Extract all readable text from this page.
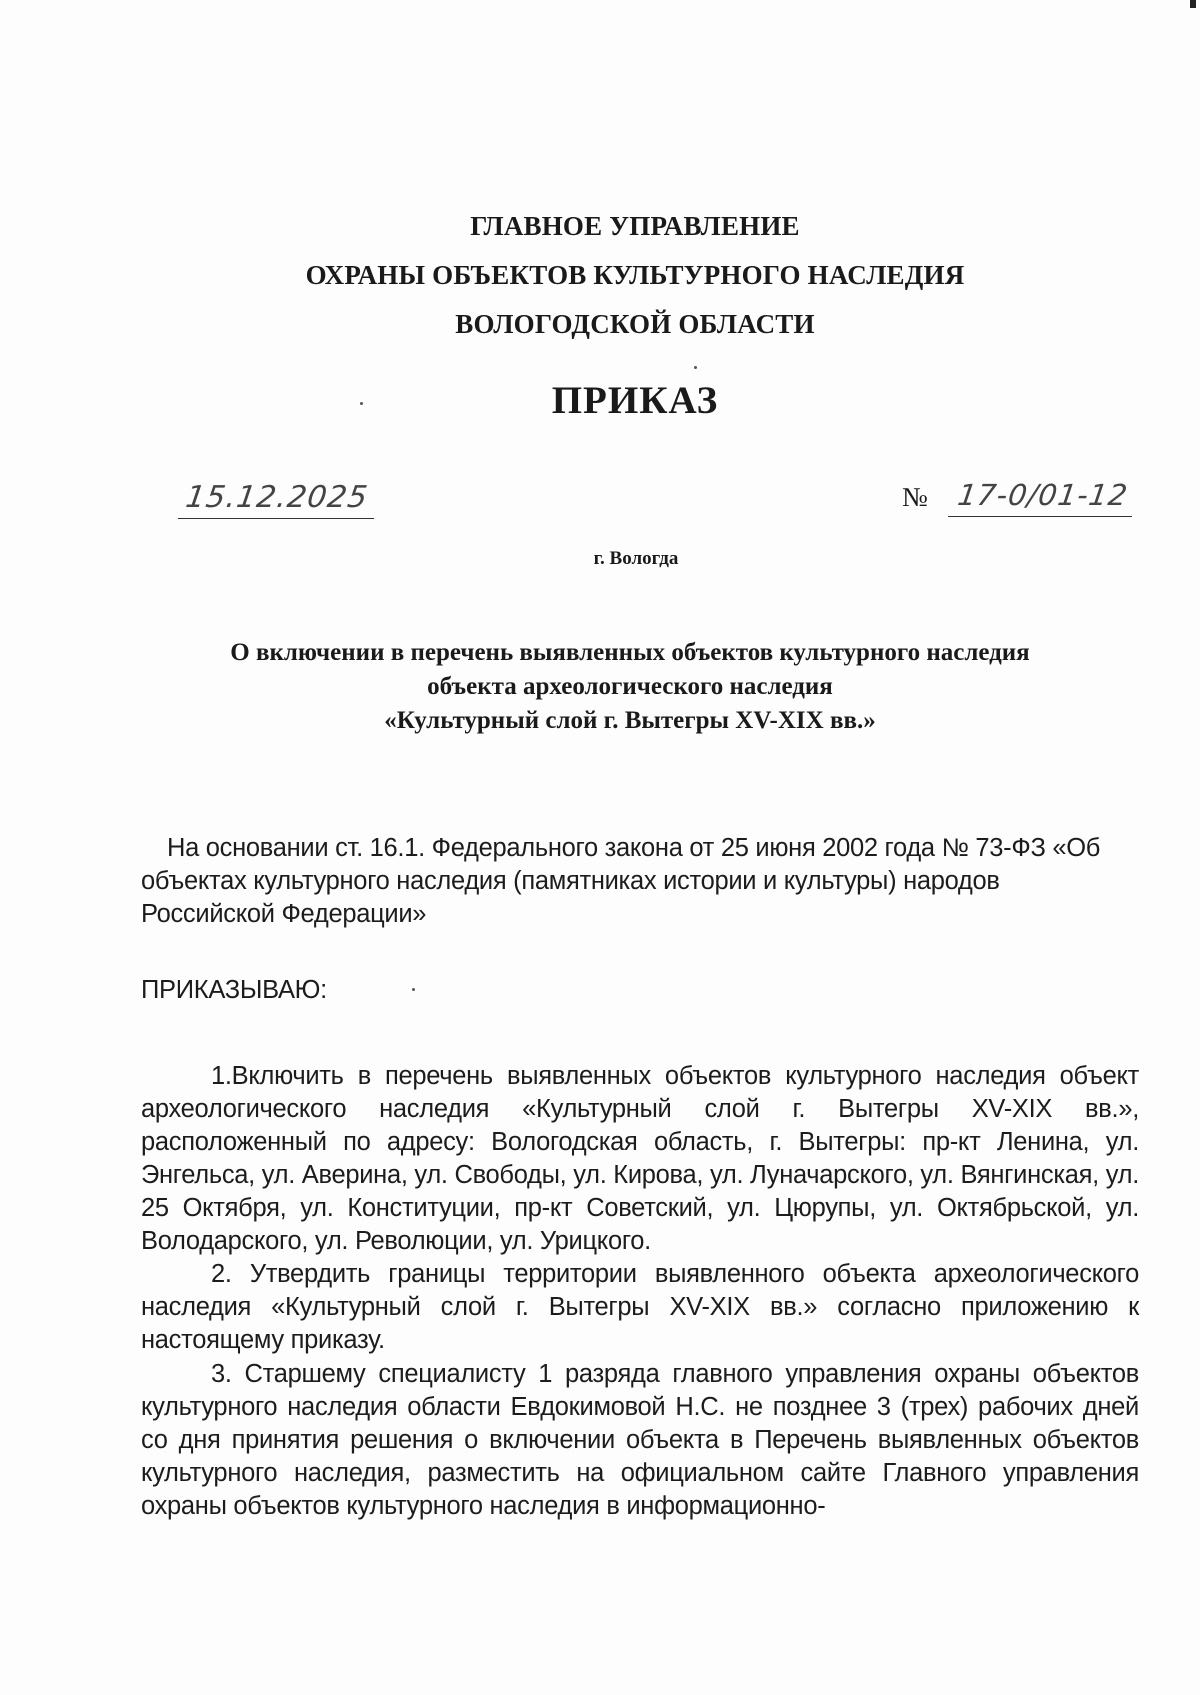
ГЛАВНОЕ УПРАВЛЕНИЕ
ОХРАНЫ ОБЪЕКТОВ КУЛЬТУРНОГО НАСЛЕДИЯ
ВОЛОГОДСКОЙ ОБЛАСТИ
ПРИКАЗ
15.12.2025	№ 17-0/01-12
г. Вологда
О включении в перечень выявленных объектов культурного наследия
объекта археологического наследия
«Культурный слой г. Вытегры XV-XIX вв.»
На основании ст. 16.1. Федерального закона от 25 июня 2002 года № 73-ФЗ «Об объектах культурного наследия (памятниках истории и культуры) народов Российской Федерации»
ПРИКАЗЫВАЮ:
1.Включить в перечень выявленных объектов культурного наследия объект археологического наследия «Культурный слой г. Вытегры XV-XIX вв.», расположенный по адресу: Вологодская область, г. Вытегры: пр-кт Ленина, ул. Энгельса, ул. Аверина, ул. Свободы, ул. Кирова, ул. Луначарского, ул. Вянгинская, ул. 25 Октября, ул. Конституции, пр-кт Советский, ул. Цюрупы, ул. Октябрьской, ул. Володарского, ул. Революции, ул. Урицкого.
2. Утвердить границы территории выявленного объекта археологического наследия «Культурный слой г. Вытегры XV-XIX вв.» согласно приложению к настоящему приказу.
3. Старшему специалисту 1 разряда главного управления охраны объектов культурного наследия области Евдокимовой Н.С. не позднее 3 (трех) рабочих дней со дня принятия решения о включении объекта в Перечень выявленных объектов культурного наследия, разместить на официальном сайте Главного управления охраны объектов культурного наследия в информационно-
